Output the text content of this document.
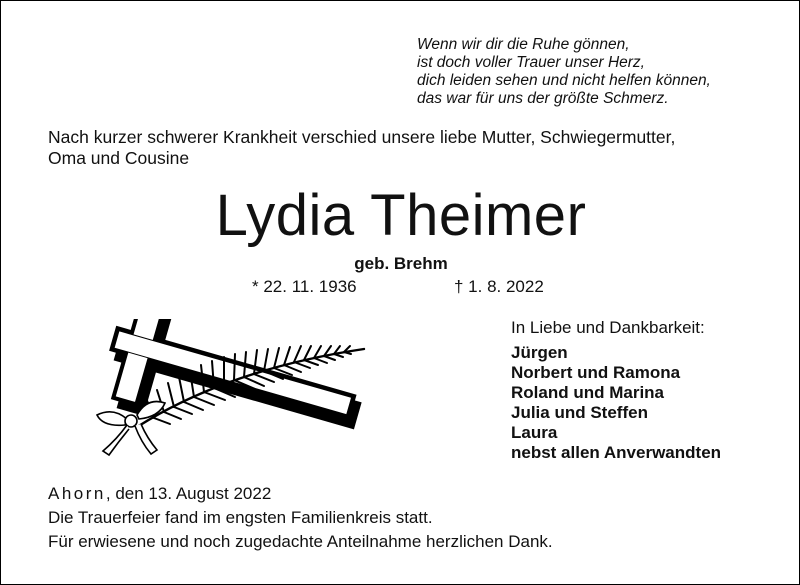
Wenn wir dir die Ruhe gönnen,
ist doch voller Trauer unser Herz,
dich leiden sehen und nicht helfen können,
das war für uns der größte Schmerz.
Nach kurzer schwerer Krankheit verschied unsere liebe Mutter, Schwiegermutter,
Oma und Cousine
Lydia Theimer
geb. Brehm
* 22. 11. 1936	† 1. 8. 2022
In Liebe und Dankbarkeit:
Jürgen
Norbert und Ramona
Roland und Marina
Julia und Steffen
Laura
nebst allen Anverwandten
Ahorn, den 13. August 2022
Die Trauerfeier fand im engsten Familienkreis statt.
Für erwiesene und noch zugedachte Anteilnahme herzlichen Dank.
